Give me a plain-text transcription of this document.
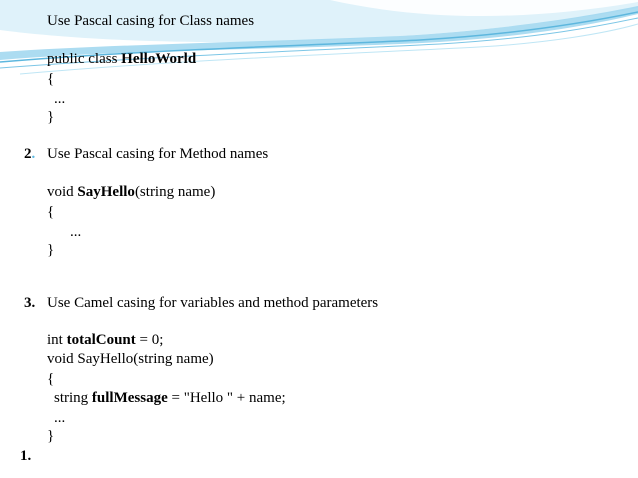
Use Pascal casing for Class names

public class HelloWorld

{

...

}

2. Use Pascal casing for Method names

void SayHello(string name)

{

...

}

3. Use Camel casing for variables and method parameters

int totalCount = 0;

void SayHello(string name)

{

string fullMessage = "Hello " + name;

...

}

1.
